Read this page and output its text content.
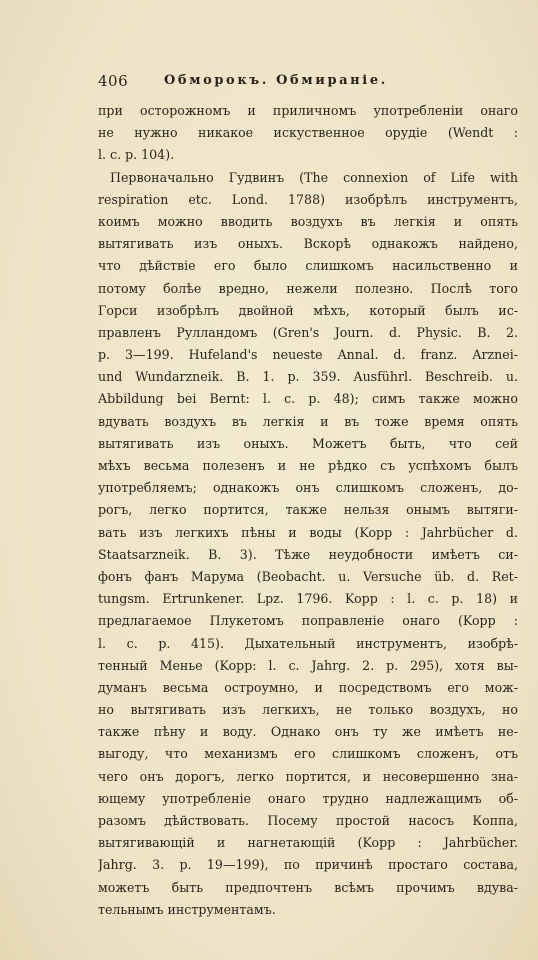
406	Обморокъ. Обмираніе.
при осторожномъ и приличномъ употребленіи онаго
не нужно никакое искуственное орудіе (Wendt :
l. c. p. 104).
Первоначально Гудвинъ (The connexion of Life with
respiration etc. Lond. 1788) изобрѣлъ инструментъ,
коимъ можно вводить воздухъ въ легкія и опять
вытягивать изъ оныхъ. Вскорѣ однакожъ найдено,
что дѣйствіе его было слишкомъ насильственно и
потому болѣе вредно, нежели полезно. Послѣ того
Горси изобрѣлъ двойной мѣхъ, который былъ ис-
правленъ Рулландомъ (Gren's Journ. d. Physic. B. 2.
p. 3—199. Hufeland's neueste Annal. d. franz. Arznei-
und Wundarzneik. B. 1. p. 359. Ausführl. Beschreib. u.
Abbildung bei Bernt: l. c. p. 48); симъ также можно
вдувать воздухъ въ легкія и въ тоже время опять
вытягивать изъ оныхъ. Можетъ быть, что сей
мѣхъ весьма полезенъ и не рѣдко съ успѣхомъ былъ
употребляемъ; однакожъ онъ слишкомъ сложенъ, до-
рогъ, легко портится, также нельзя онымъ вытяги-
вать изъ легкихъ пѣны и воды (Kopp : Jahrbücher d.
Staatsarzneik. B. 3). Тѣже неудобности имѣетъ си-
фонъ фанъ Марума (Beobacht. u. Versuche üb. d. Ret-
tungsm. Ertrunkener. Lpz. 1796. Kopp : l. c. p. 18) и
предлагаемое Плукетомъ поправленіе онаго (Kopp :
l. c. p. 415). Дыхательный инструментъ, изобрѣ-
тенный Менье (Kopp: l. c. Jahrg. 2. p. 295), хотя вы-
думанъ весьма остроумно, и посредствомъ его мож-
но вытягивать изъ легкихъ, не только воздухъ, но
также пѣну и воду. Однако онъ ту же имѣетъ не-
выгоду, что механизмъ его слишкомъ сложенъ, отъ
чего онъ дорогъ, легко портится, и несовершенно зна-
ющему употребленіе онаго трудно надлежащимъ об-
разомъ дѣйствовать. Посему простой насосъ Коппа,
вытягивающій и нагнетающій (Kopp : Jahrbücher.
Jahrg. 3. p. 19—199), по причинѣ простаго состава,
можетъ быть предпочтенъ всѣмъ прочимъ вдува-
тельнымъ инструментамъ.
